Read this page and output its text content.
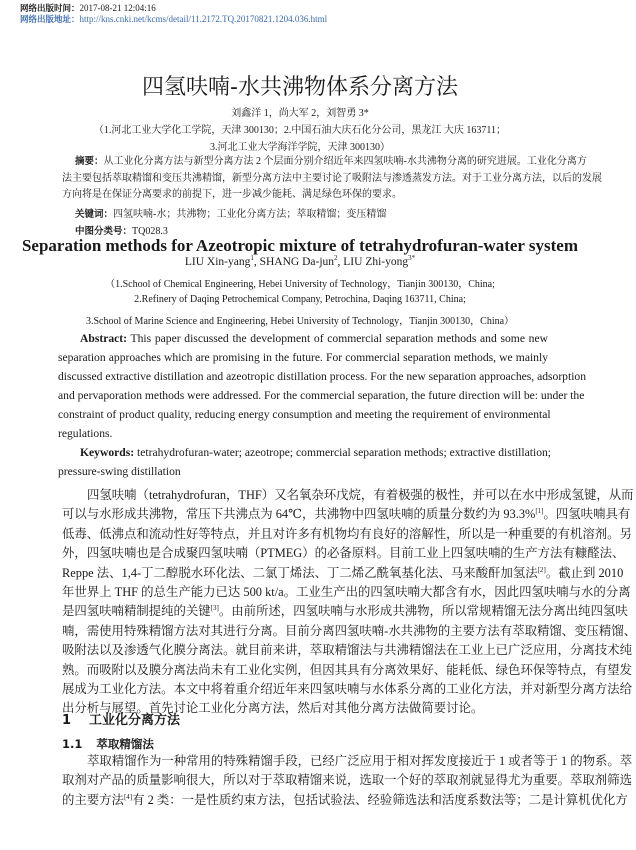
网络出版时间：2017-08-21 12:04:16
网络出版地址：http://kns.cnki.net/kcms/detail/11.2172.TQ.20170821.1204.036.html
四氢呋喃-水共沸物体系分离方法
刘鑫洋 1，尚大军 2，刘智勇 3*
（1.河北工业大学化工学院，天津 300130；2.中国石油大庆石化分公司，黑龙江 大庆 163711；
3.河北工业大学海洋学院，天津 300130）
摘要：从工业化分离方法与新型分离方法 2 个层面分别介绍近年来四氢呋喃-水共沸物分离的研究进展。工业化分离方
法主要包括萃取精馏和变压共沸精馏，新型分离方法中主要讨论了吸附法与渗透蒸发方法。对于工业分离方法，以后的发展
方向将是在保证分离要求的前提下，进一步减少能耗、满足绿色环保的要求。
关键词：四氢呋喃-水；共沸物；工业化分离方法；萃取精馏；变压精馏
中图分类号：TQ028.3
Separation methods for Azeotropic mixture of tetrahydrofuran-water system
LIU Xin-yang$^1$, SHANG Da-jun$^2$, LIU Zhi-yong$^{3*}$
（1.School of Chemical Engineering, Hebei University of Technology，Tianjin 300130，China;
2.Refinery of Daqing Petrochemical Company, Petrochina, Daqing 163711, China;
3.School of Marine Science and Engineering, Hebei University of Technology，Tianjin 300130，China）
Abstract: This paper discussed the development of commercial separation methods and some new
separation approaches which are promising in the future. For commercial separation methods, we mainly
discussed extractive distillation and azeotropic distillation process. For the new separation approaches, adsorption
and pervaporation methods were addressed. For the commercial separation, the future direction will be: under the
constraint of product quality, reducing energy consumption and meeting the requirement of environmental
regulations.
Keywords: tetrahydrofuran-water; azeotrope; commercial separation methods; extractive distillation;
pressure-swing distillation
四氢呋喃（tetrahydrofuran，THF）又名氧杂环戊烷，有着极强的极性，并可以在水中形成氢键，从而
可以与水形成共沸物，常压下共沸点为 64℃，共沸物中四氢呋喃的质量分数约为 93.3%[1]。四氢呋喃具有
低毒、低沸点和流动性好等特点，并且对许多有机物均有良好的溶解性，所以是一种重要的有机溶剂。另
外，四氢呋喃也是合成聚四氢呋喃（PTMEG）的必备原料。目前工业上四氢呋喃的生产方法有糠醛法、
Reppe 法、1,4-丁二醇脱水环化法、二氯丁烯法、丁二烯乙酰氧基化法、马来酸酐加氢法[2]。截止到 2010
年世界上 THF 的总生产能力已达 500 kt/a。工业生产出的四氢呋喃大都含有水，因此四氢呋喃与水的分离
是四氢呋喃精制提纯的关键[3]。由前所述，四氢呋喃与水形成共沸物，所以常规精馏无法分离出纯四氢呋
喃，需使用特殊精馏方法对其进行分离。目前分离四氢呋喃-水共沸物的主要方法有萃取精馏、变压精馏、
吸附法以及渗透气化膜分离法。就目前来讲，萃取精馏法与共沸精馏法在工业上已广泛应用，分离技术纯
熟。而吸附以及膜分离法尚未有工业化实例，但因其具有分离效果好、能耗低、绿色环保等特点，有望发
展成为工业化方法。本文中将着重介绍近年来四氢呋喃与水体系分离的工业化方法，并对新型分离方法给
出分析与展望。首先讨论工业化分离方法，然后对其他分离方法做简要讨论。
1 工业化分离方法
1.1 萃取精馏法
萃取精馏作为一种常用的特殊精馏手段，已经广泛应用于相对挥发度接近于 1 或者等于 1 的物系。萃
取剂对产品的质量影响很大，所以对于萃取精馏来说，选取一个好的萃取剂就显得尤为重要。萃取剂筛选
的主要方法[4]有 2 类：一是性质约束方法，包括试验法、经验筛选法和活度系数法等；二是计算机优化方
